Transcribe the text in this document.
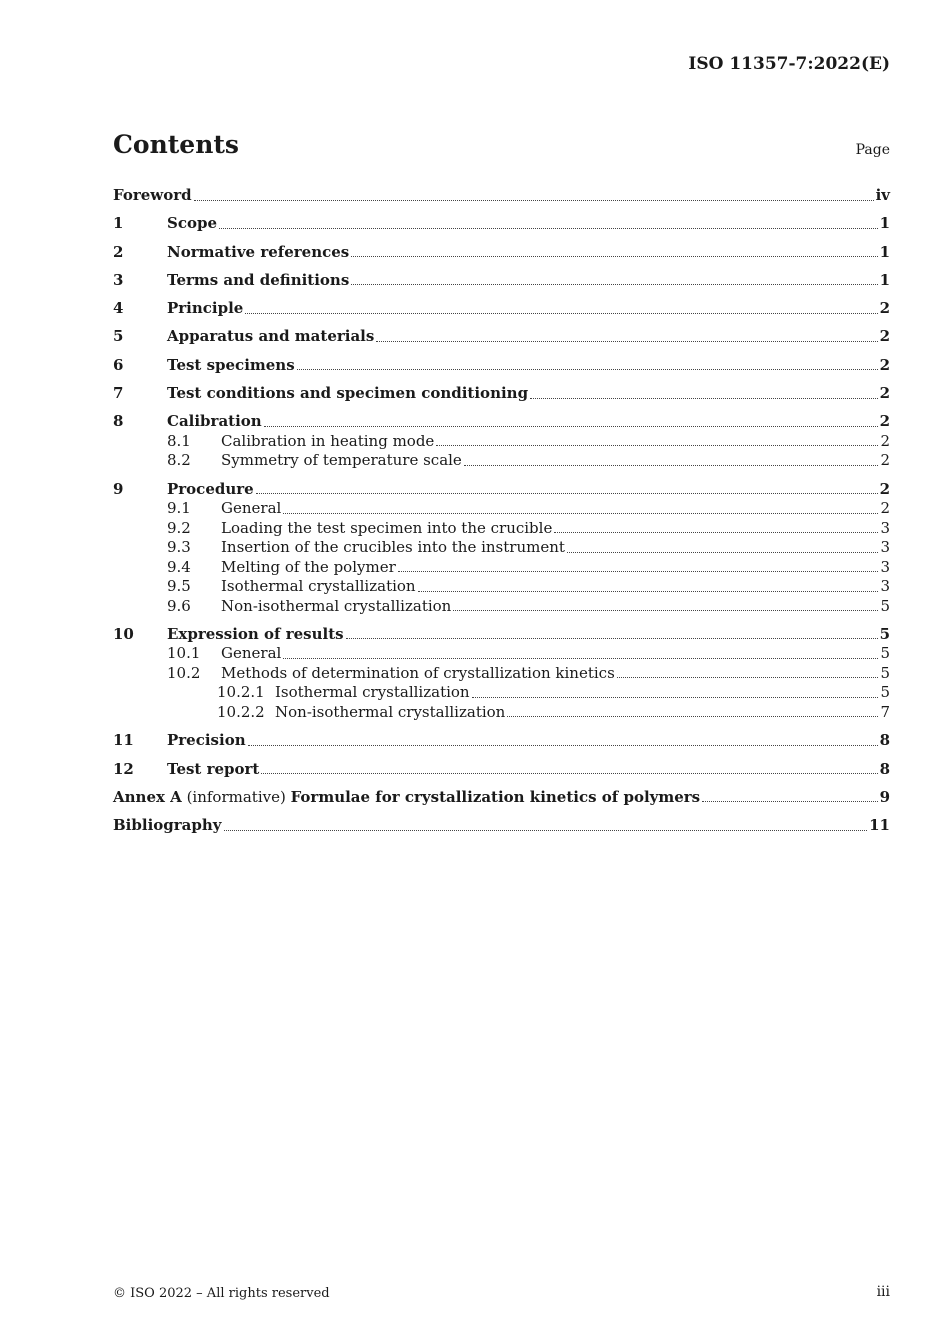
ISO 11357-7:2022(E)
Contents	Page
Foreword	iv
1	Scope	1
2	Normative references	1
3	Terms and definitions	1
4	Principle	2
5	Apparatus and materials	2
6	Test specimens	2
7	Test conditions and specimen conditioning	2
8	Calibration	2
8.1 Calibration in heating mode	2
8.2 Symmetry of temperature scale	2
9	Procedure	2
9.1 General	2
9.2 Loading the test specimen into the crucible	3
9.3 Insertion of the crucibles into the instrument	3
9.4 Melting of the polymer	3
9.5 Isothermal crystallization	3
9.6 Non-isothermal crystallization	5
10 Expression of results	5
10.1 General	5
10.2 Methods of determination of crystallization kinetics	5
10.2.1 Isothermal crystallization	5
10.2.2 Non-isothermal crystallization	7
11 Precision	8
12 Test report	8
Annex A (informative) Formulae for crystallization kinetics of polymers	9
Bibliography	11
© ISO 2022 – All rights reserved	iii
